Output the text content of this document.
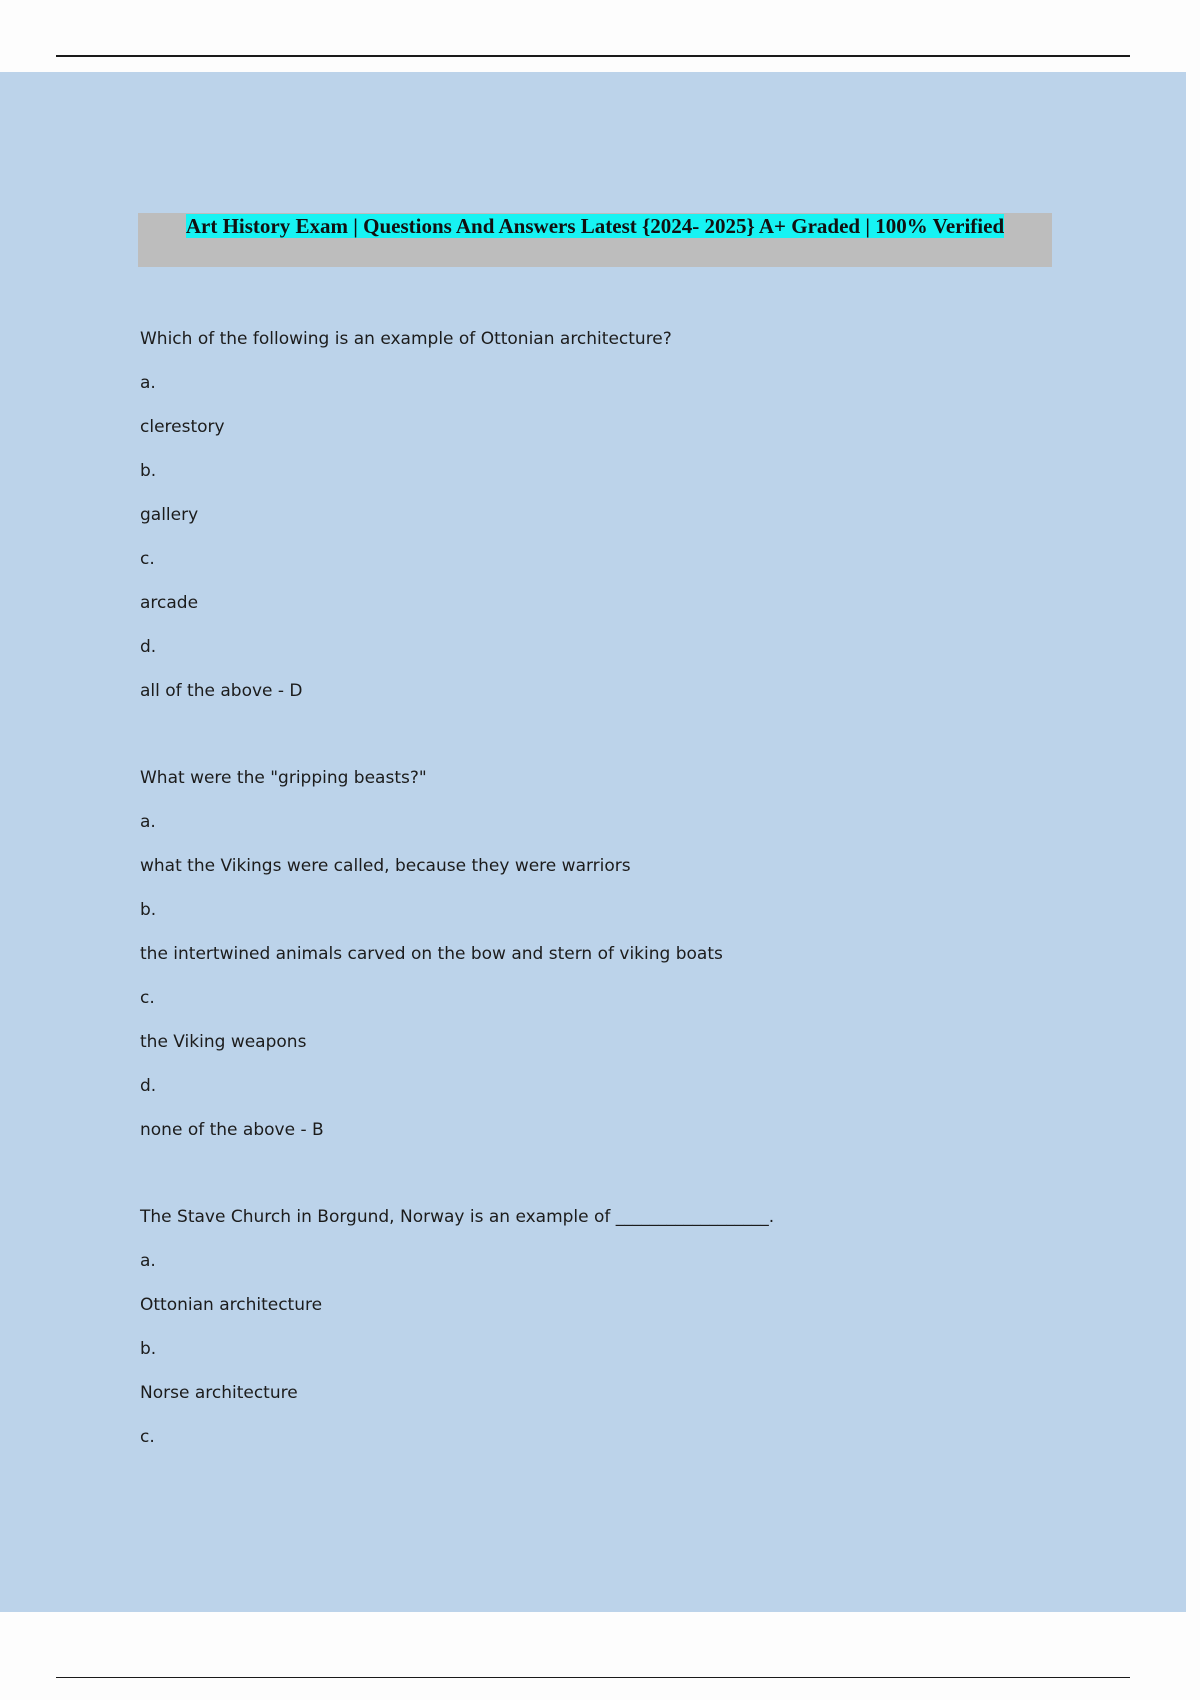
Art History Exam | Questions And Answers Latest {2024- 2025} A+ Graded | 100% Verified
Which of the following is an example of Ottonian architecture?
a.
clerestory
b.
gallery
c.
arcade
d.
all of the above - D
What were the "gripping beasts?"
a.
what the Vikings were called, because they were warriors
b.
the intertwined animals carved on the bow and stern of viking boats
c.
the Viking weapons
d.
none of the above - B
The Stave Church in Borgund, Norway is an example of __________________.
a.
Ottonian architecture
b.
Norse architecture
c.
